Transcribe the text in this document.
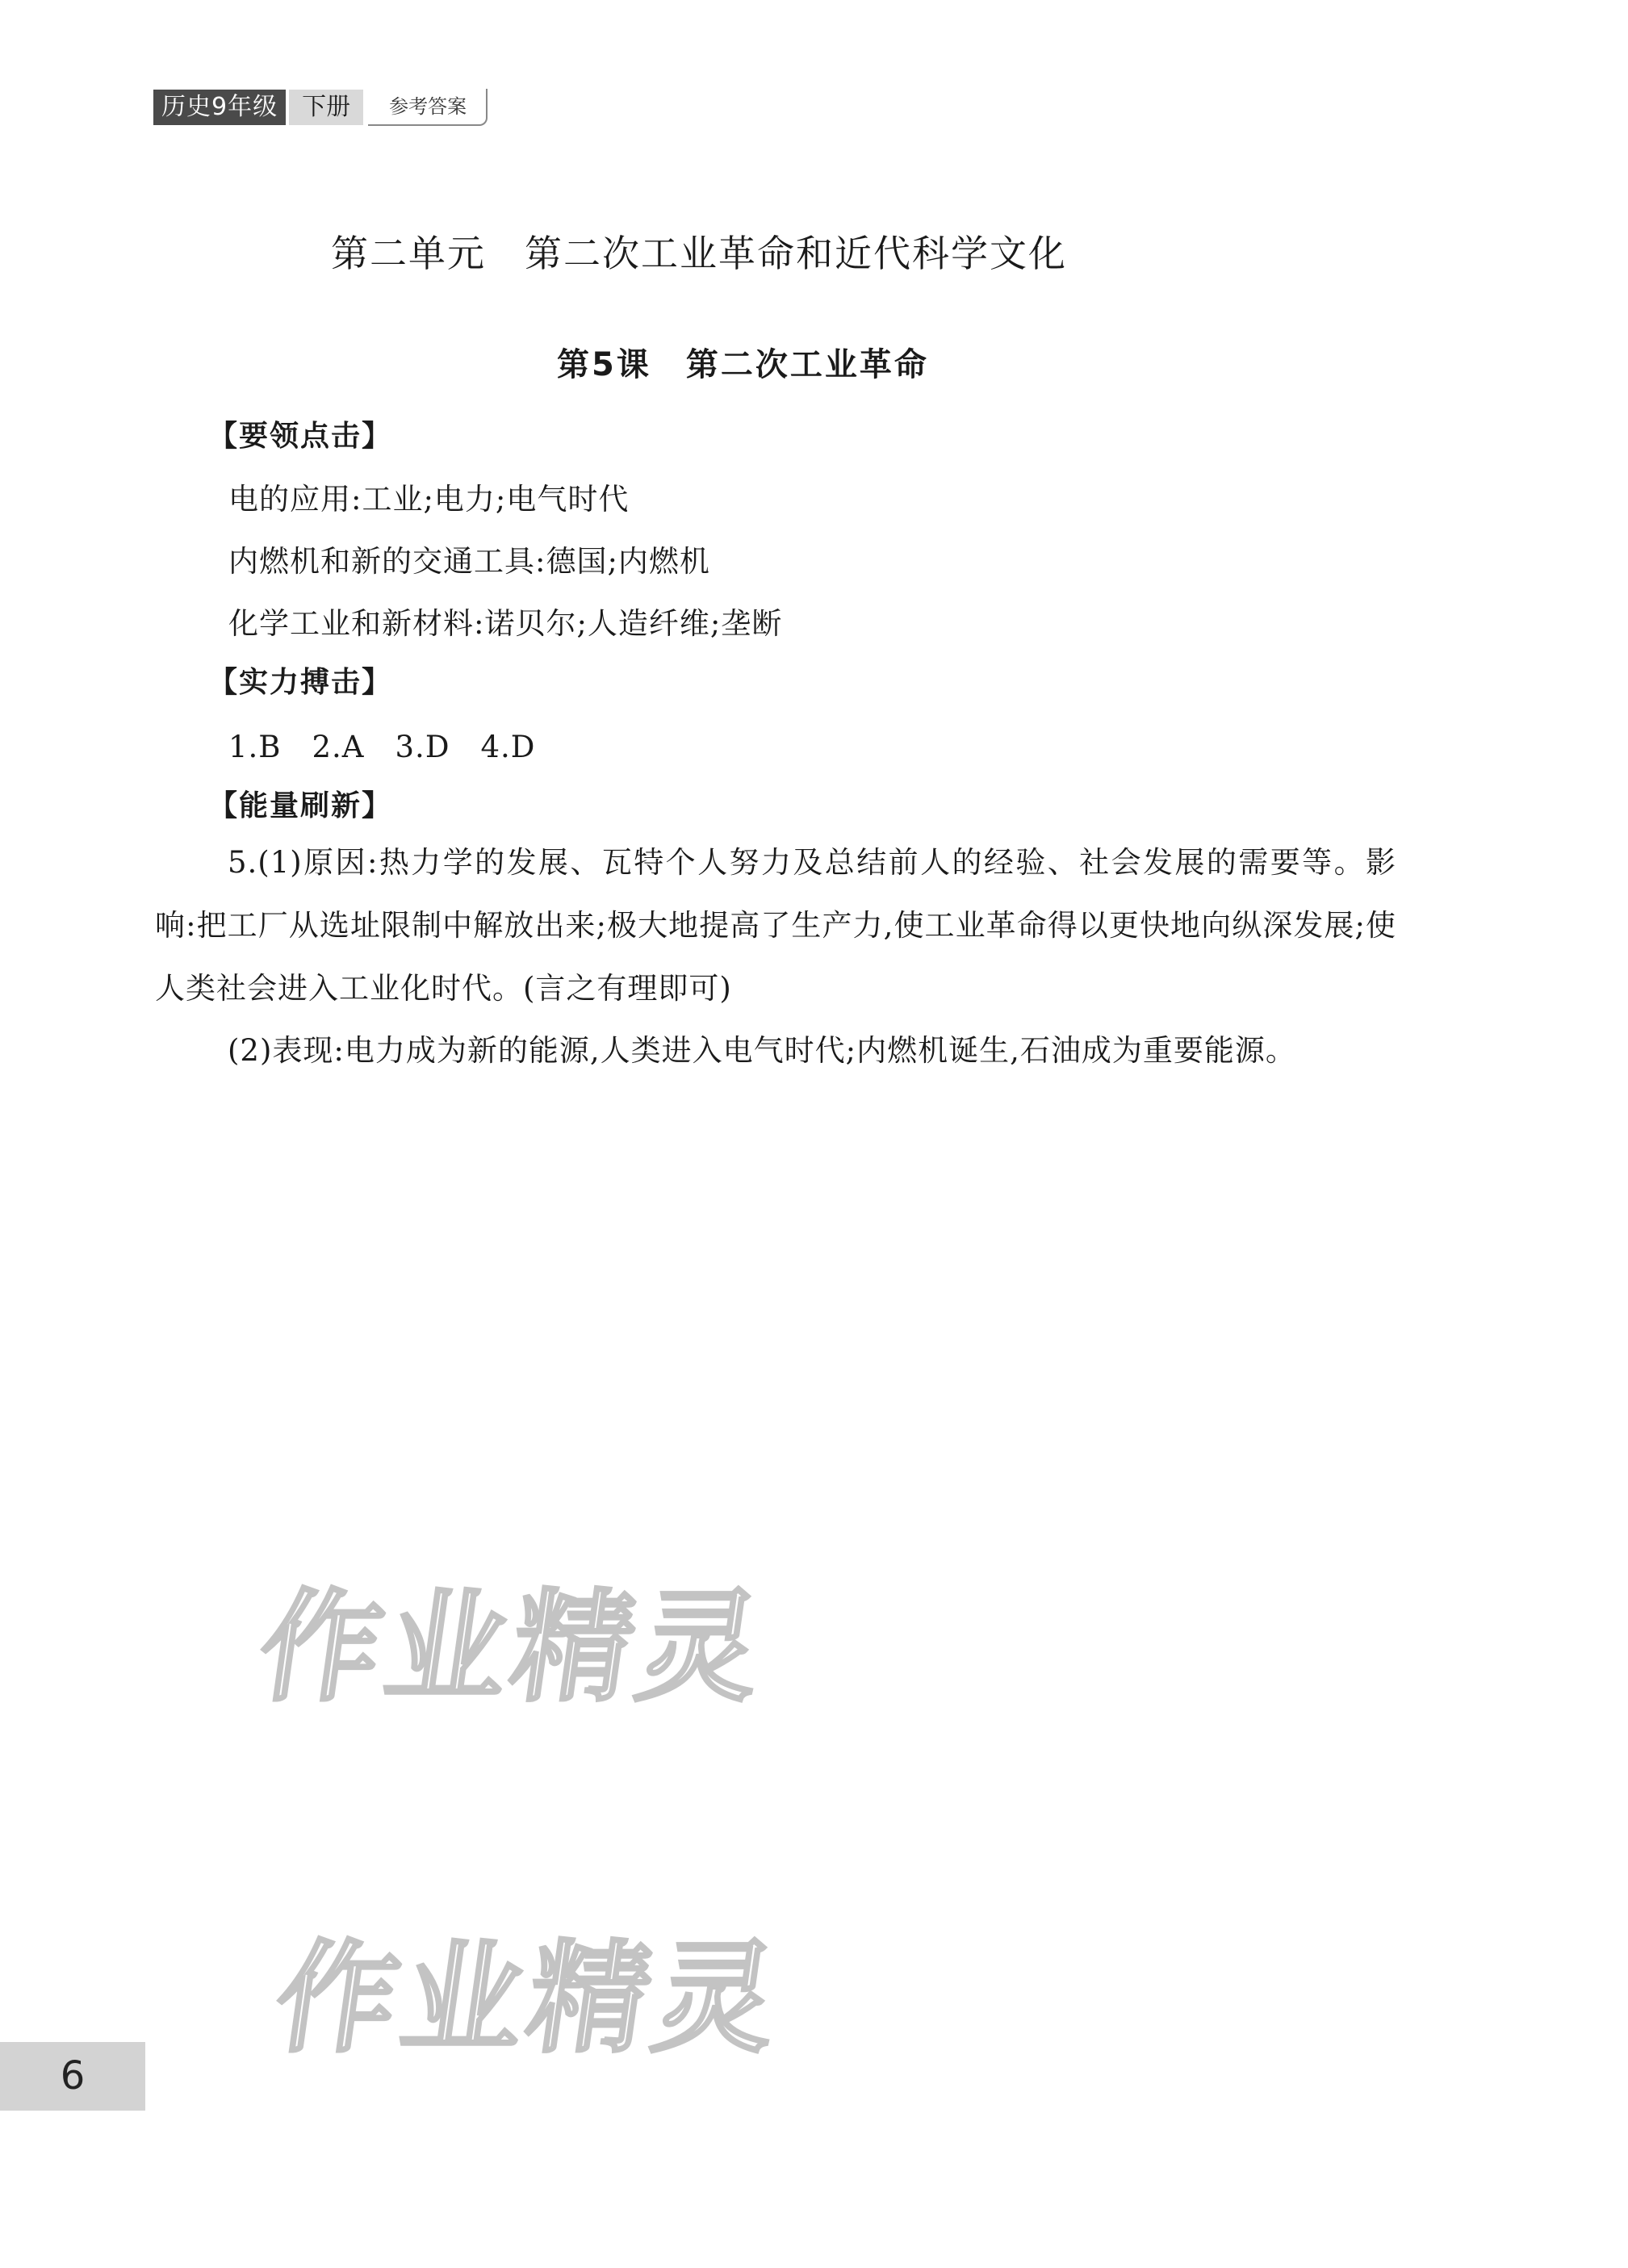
历史9年级	下册	参考答案
第二单元　第二次工业革命和近代科学文化
第5课　第二次工业革命
【要领点击】
电的应用:工业;电力;电气时代
内燃机和新的交通工具:德国;内燃机
化学工业和新材料:诺贝尔;人造纤维;垄断
【实力搏击】
1.B　2.A　3.D　4.D
【能量刷新】
5.(1)原因:热力学的发展、瓦特个人努力及总结前人的经验、社会发展的需要等。影响:把工厂从选址限制中解放出来;极大地提高了生产力,使工业革命得以更快地向纵深发展;使人类社会进入工业化时代。(言之有理即可)
(2)表现:电力成为新的能源,人类进入电气时代;内燃机诞生,石油成为重要能源。
作业精灵
作业精灵
6
